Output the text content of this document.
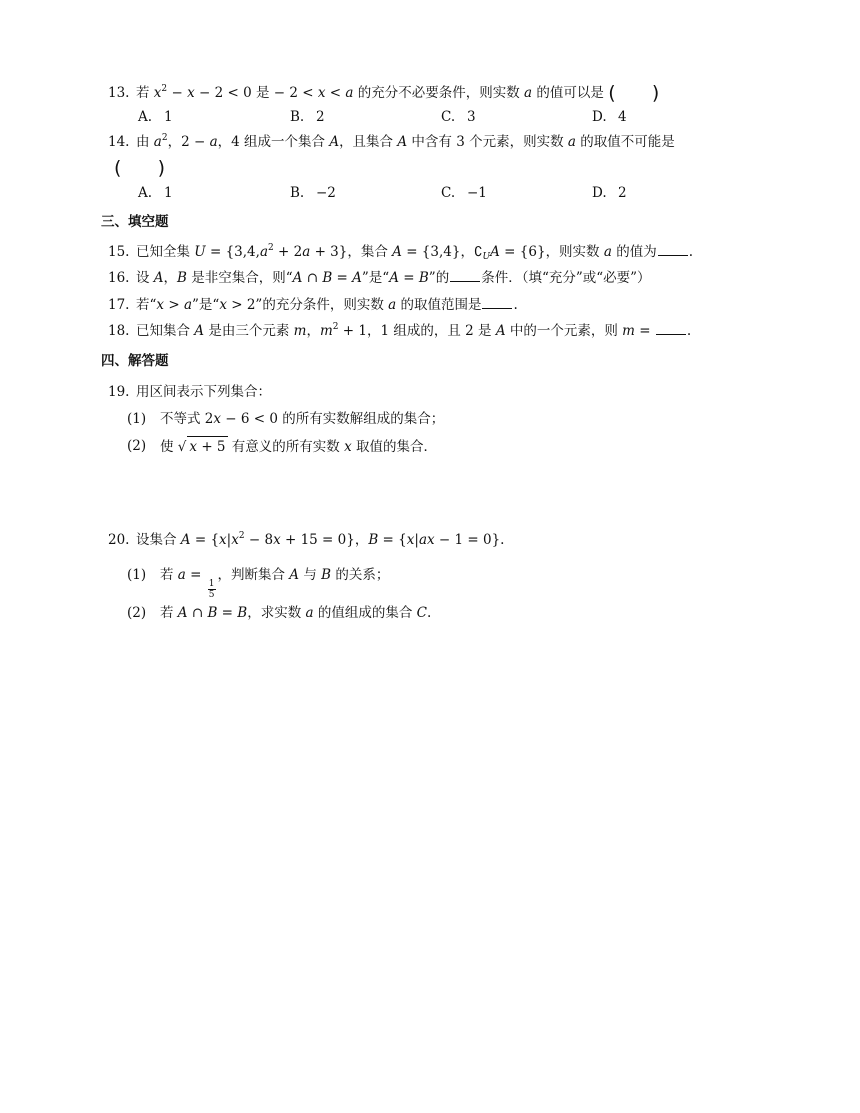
13. 若 $x^2 - x - 2 < 0$ 是 − 2 < x < a 的充分不必要条件，则实数 a 的值可以是 (      )
A. 1	B. 2	C. 3	D. 4
14. 由 $a^2$，2 − a，4 组成一个集合 A，且集合 A 中含有 3 个元素，则实数 a 的取值不可能是
(      )
A. 1	B. −2	C. −1	D. 2
三、填空题
15. 已知全集 $U = \{3,4,a^2 + 2a + 3\}$，集合 A = {3,4}，$∁_UA = \{6\}$，则实数 a 的值为 .
16. 设 A，B 是非空集合，则“A ∩ B = A”是“A = B”的 条件．（填“充分”或“必要”）
17. 若“x > a”是“x > 2”的充分条件，则实数 a 的取值范围是 .
18. 已知集合 A 是由三个元素 m，$m^2 + 1$，1 组成的，且 2 是 A 中的一个元素，则 m = .
四、解答题
19. 用区间表示下列集合：
(1) 不等式 2x − 6 < 0 的所有实数解组成的集合；
(2) 使 √ x + 5 有意义的所有实数 x 取值的集合．
20. 设集合 $A = \{x|x^2 - 8x + 15 = 0\}$，B = {x|ax − 1 = 0}.
(1) 若 a =
$\frac{1}{5}$
，判断集合 A 与 B 的关系；
(2) 若 A ∩ B = B，求实数 a 的值组成的集合 C.
